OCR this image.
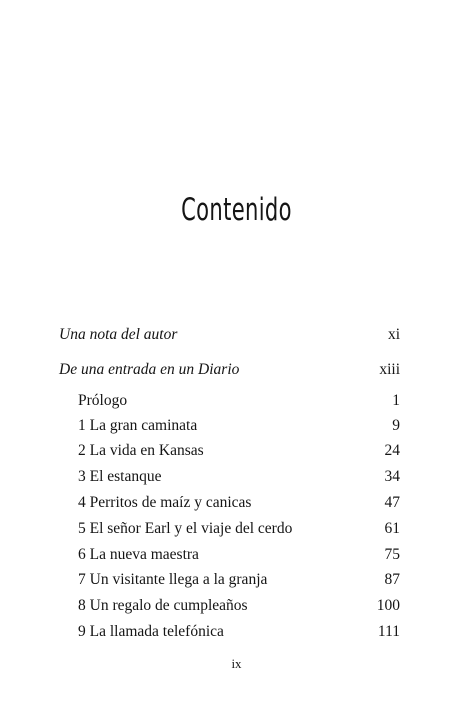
Contenido
Una nota del autor	xi
De una entrada en un Diario	xiii
Prólogo	1
1 La gran caminata	9
2 La vida en Kansas	24
3 El estanque	34
4 Perritos de maíz y canicas	47
5 El señor Earl y el viaje del cerdo	61
6 La nueva maestra	75
7 Un visitante llega a la granja	87
8 Un regalo de cumpleaños	100
9 La llamada telefónica	111
ix
